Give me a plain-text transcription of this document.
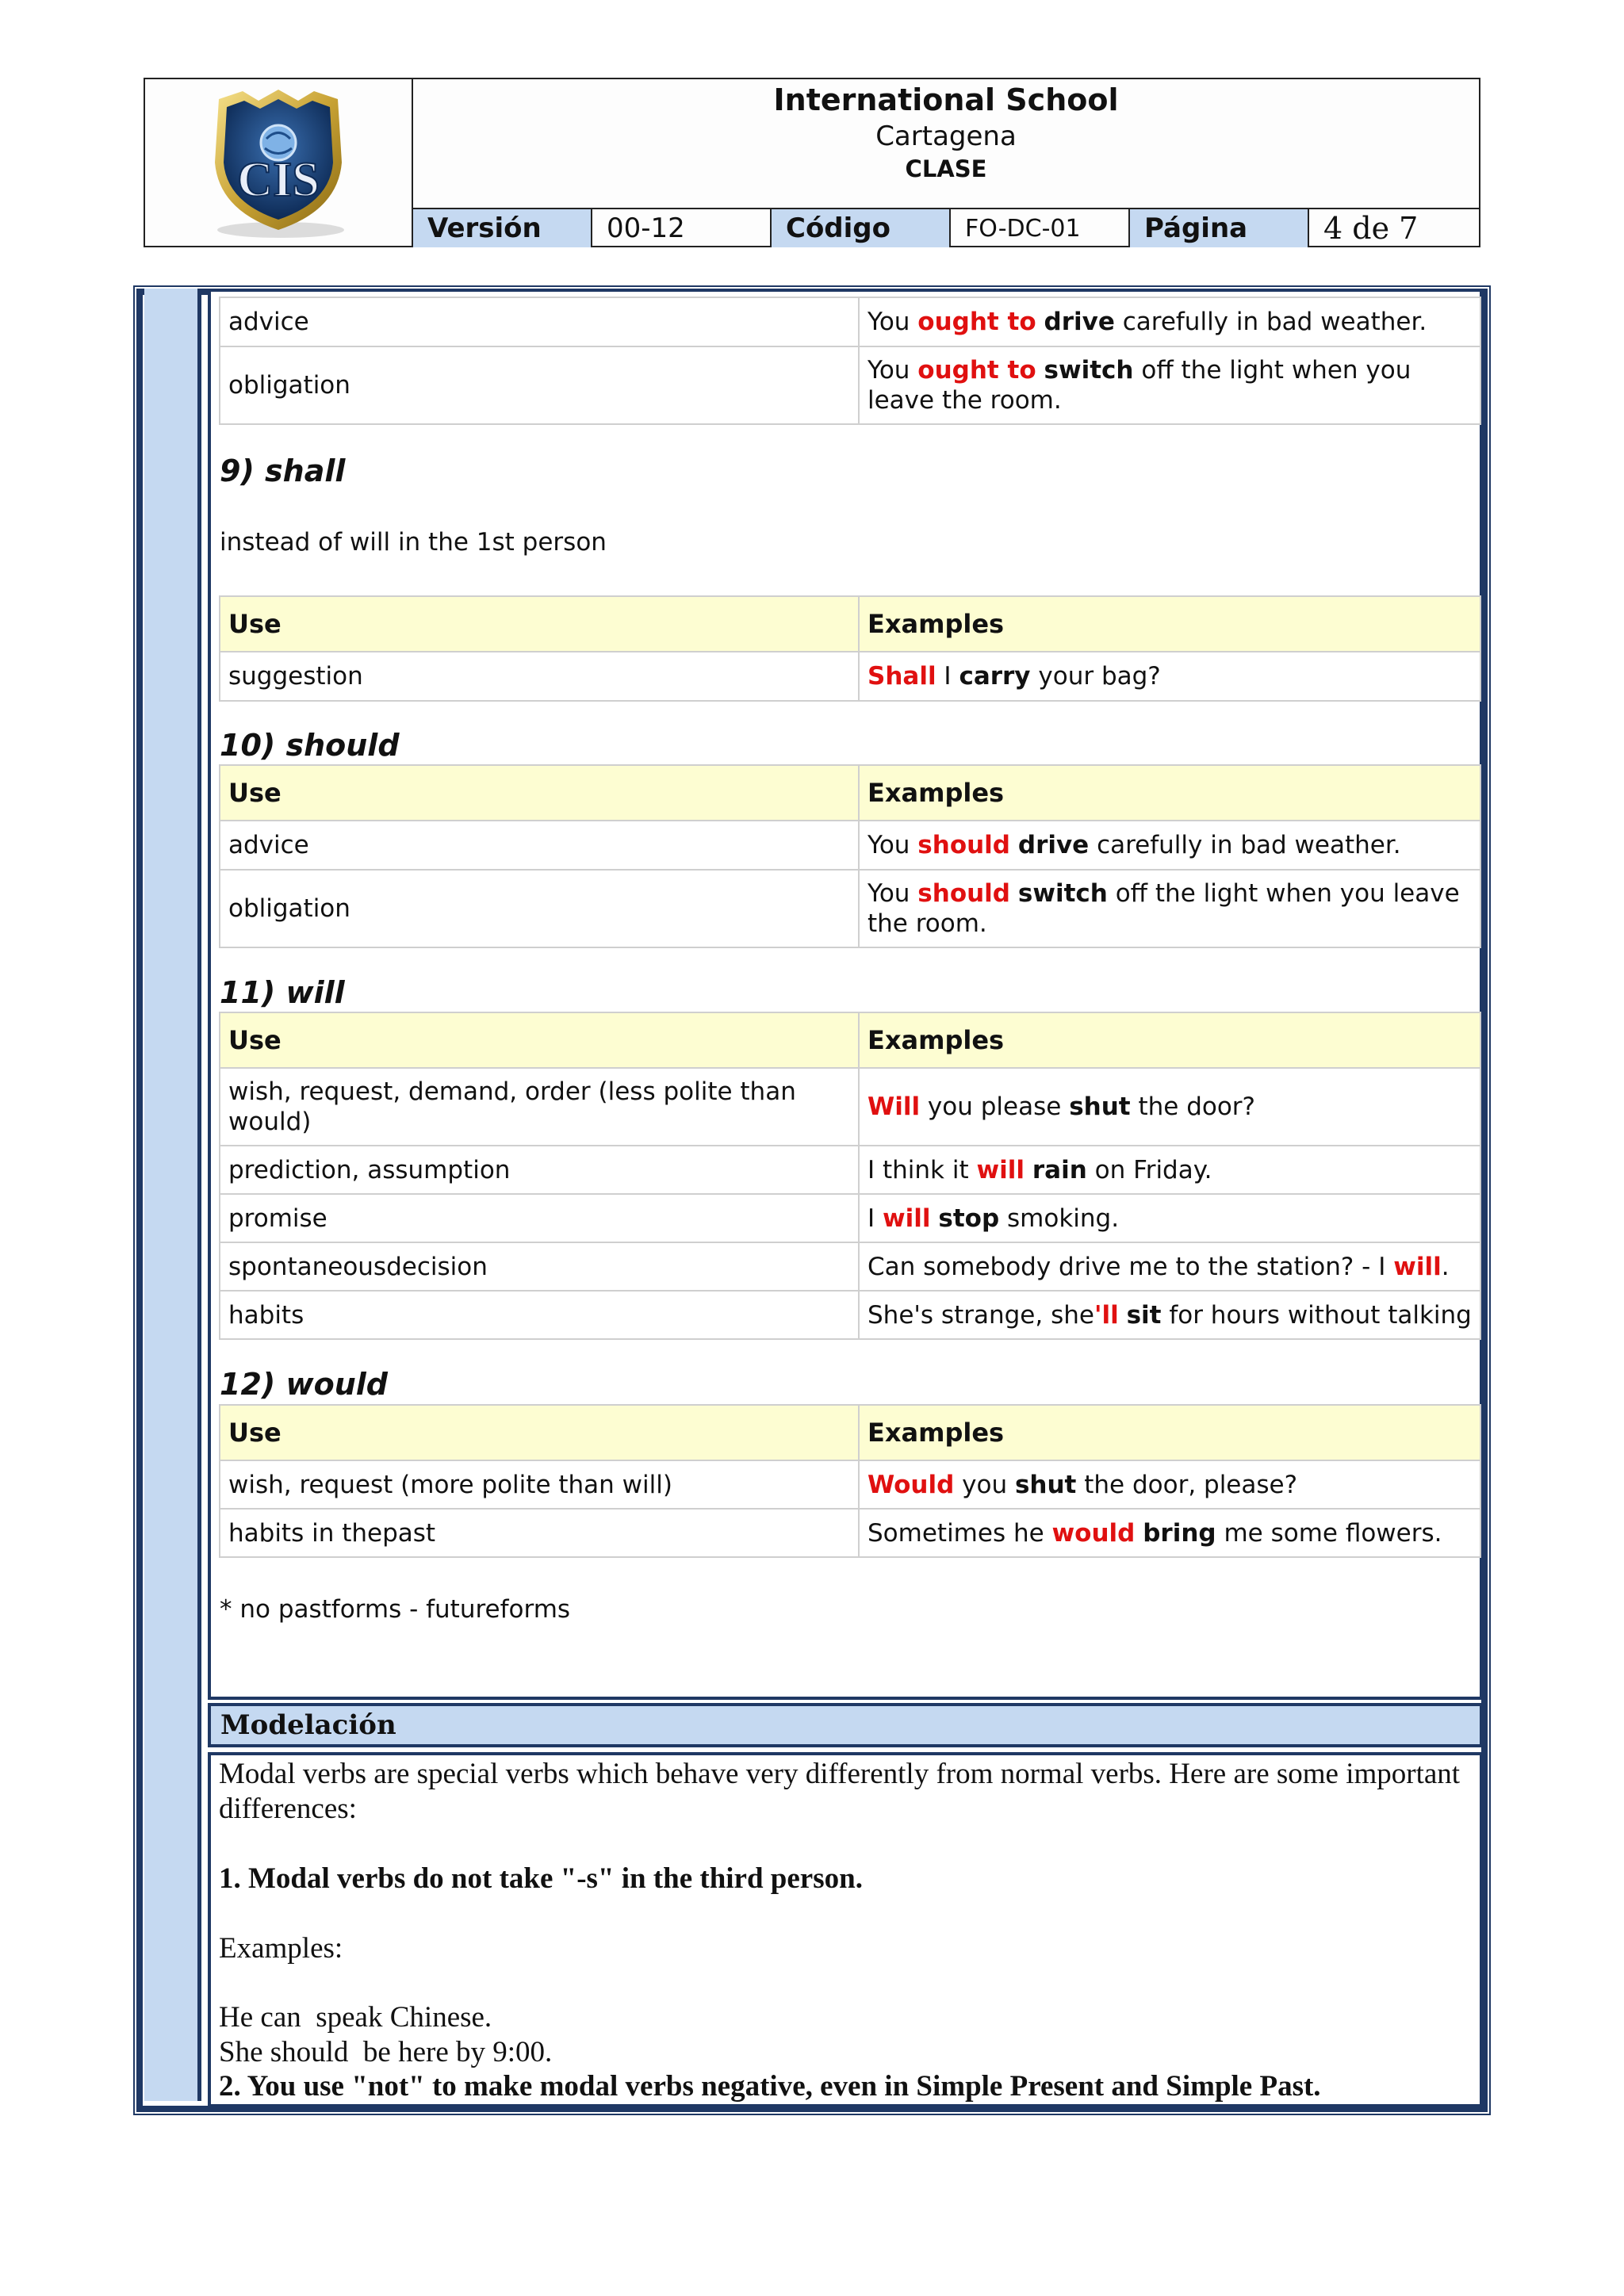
CIS
International School
Cartagena
CLASE
Versión	00-12	Código	FO-DC-01	Página	4 de 7
advice	You ought to drive carefully in bad weather.
obligation	You ought to switch off the light when you leave the room.
9) shall
instead of will in the 1st person
Use	Examples
suggestion	Shall I carry your bag?
10) should
Use	Examples
advice	You should drive carefully in bad weather.
obligation	You should switch off the light when you leave the room.
11) will
Use	Examples
wish, request, demand, order (less polite than would)	Will you please shut the door?
prediction, assumption	I think it will rain on Friday.
promise	I will stop smoking.
spontaneousdecision	Can somebody drive me to the station? - I will.
habits	She's strange, she'll sit for hours without talking
12) would
Use	Examples
wish, request (more polite than will)	Would you shut the door, please?
habits in thepast	Sometimes he would bring me some flowers.
* no pastforms - futureforms
Modelación
Modal verbs are special verbs which behave very differently from normal verbs. Here are some important differences:
1. Modal verbs do not take "-s" in the third person.
Examples:
He can  speak Chinese.
She should  be here by 9:00.
2. You use "not" to make modal verbs negative, even in Simple Present and Simple Past.
